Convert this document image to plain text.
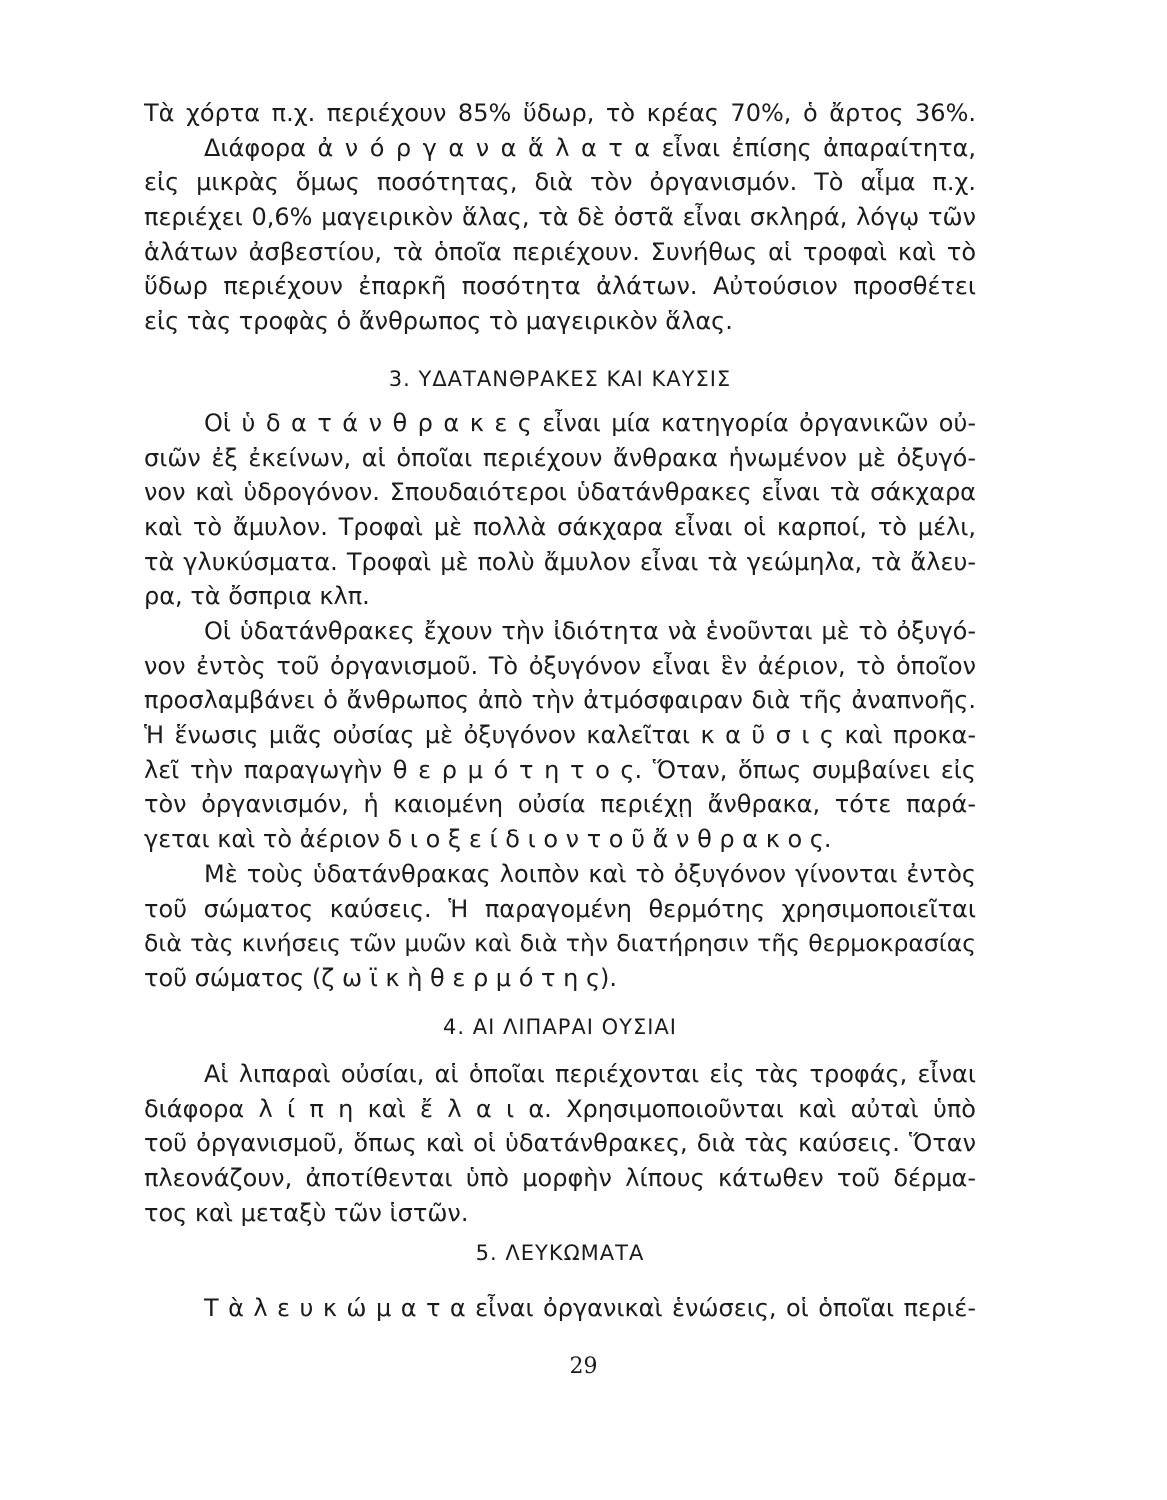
Τὰ χόρτα π.χ. περιέχουν 85% ὕδωρ, τὸ κρέας 70%, ὁ ἄρτος 36%.
Διάφορα ἀ ν ό ρ γ α ν α ἅ λ α τ α εἶναι ἐπίσης ἀπαραίτητα,
εἰς μικρὰς ὅμως ποσότητας, διὰ τὸν ὀργανισμόν. Τὸ αἷμα π.χ.
περιέχει 0,6% μαγειρικὸν ἅλας, τὰ δὲ ὀστᾶ εἶναι σκληρά, λόγῳ τῶν
ἁλάτων ἀσβεστίου, τὰ ὁποῖα περιέχουν. Συνήθως αἱ τροφαὶ καὶ τὸ
ὕδωρ περιέχουν ἐπαρκῆ ποσότητα ἀλάτων. Αὐτούσιον προσθέτει
εἰς τὰς τροφὰς ὁ ἄνθρωπος τὸ μαγειρικὸν ἅλας.
3. ΥΔΑΤΑΝΘΡΑΚΕΣ ΚΑΙ ΚΑΥΣΙΣ
Οἱ ὑ δ α τ ά ν θ ρ α κ ε ς εἶναι μία κατηγορία ὀργανικῶν οὐ-
σιῶν ἐξ ἐκείνων, αἱ ὁποῖαι περιέχουν ἄνθρακα ἡνωμένον μὲ ὀξυγό-
νον καὶ ὑδρογόνον. Σπουδαιότεροι ὑδατάνθρακες εἶναι τὰ σάκχαρα
καὶ τὸ ἄμυλον. Τροφαὶ μὲ πολλὰ σάκχαρα εἶναι οἱ καρποί, τὸ μέλι,
τὰ γλυκύσματα. Τροφαὶ μὲ πολὺ ἄμυλον εἶναι τὰ γεώμηλα, τὰ ἄλευ-
ρα, τὰ ὄσπρια κλπ.
Οἱ ὑδατάνθρακες ἔχουν τὴν ἰδιότητα νὰ ἑνοῦνται μὲ τὸ ὀξυγό-
νον ἐντὸς τοῦ ὀργανισμοῦ. Τὸ ὀξυγόνον εἶναι ἓν ἀέριον, τὸ ὁποῖον
προσλαμβάνει ὁ ἄνθρωπος ἀπὸ τὴν ἀτμόσφαιραν διὰ τῆς ἀναπνοῆς.
Ἡ ἕνωσις μιᾶς οὐσίας μὲ ὀξυγόνον καλεῖται κ α ῦ σ ι ς καὶ προκα-
λεῖ τὴν παραγωγὴν θ ε ρ μ ό τ η τ ο ς. Ὅταν, ὅπως συμβαίνει εἰς
τὸν ὀργανισμόν, ἡ καιομένη οὐσία περιέχῃ ἄνθρακα, τότε παρά-
γεται καὶ τὸ ἀέριον δ ι ο ξ ε ί δ ι ο ν τ ο ῦ ἄ ν θ ρ α κ ο ς.
Μὲ τοὺς ὑδατάνθρακας λοιπὸν καὶ τὸ ὀξυγόνον γίνονται ἐντὸς
τοῦ σώματος καύσεις. Ἡ παραγομένη θερμότης χρησιμοποιεῖται
διὰ τὰς κινήσεις τῶν μυῶν καὶ διὰ τὴν διατήρησιν τῆς θερμοκρασίας
τοῦ σώματος (ζ ω ϊ κ ὴ θ ε ρ μ ό τ η ς).
4. ΑΙ ΛΙΠΑΡΑΙ ΟΥΣΙΑΙ
Αἱ λιπαραὶ οὐσίαι, αἱ ὁποῖαι περιέχονται εἰς τὰς τροφάς, εἶναι
διάφορα λ ί π η καὶ ἔ λ α ι α. Χρησιμοποιοῦνται καὶ αὐταὶ ὑπὸ
τοῦ ὀργανισμοῦ, ὅπως καὶ οἱ ὑδατάνθρακες, διὰ τὰς καύσεις. Ὅταν
πλεονάζουν, ἀποτίθενται ὑπὸ μορφὴν λίπους κάτωθεν τοῦ δέρμα-
τος καὶ μεταξὺ τῶν ἱστῶν.
5. ΛΕΥΚΩΜΑΤΑ
Τ ὰ λ ε υ κ ώ μ α τ α εἶναι ὀργανικαὶ ἑνώσεις, οἱ ὁποῖαι περιέ-
29
